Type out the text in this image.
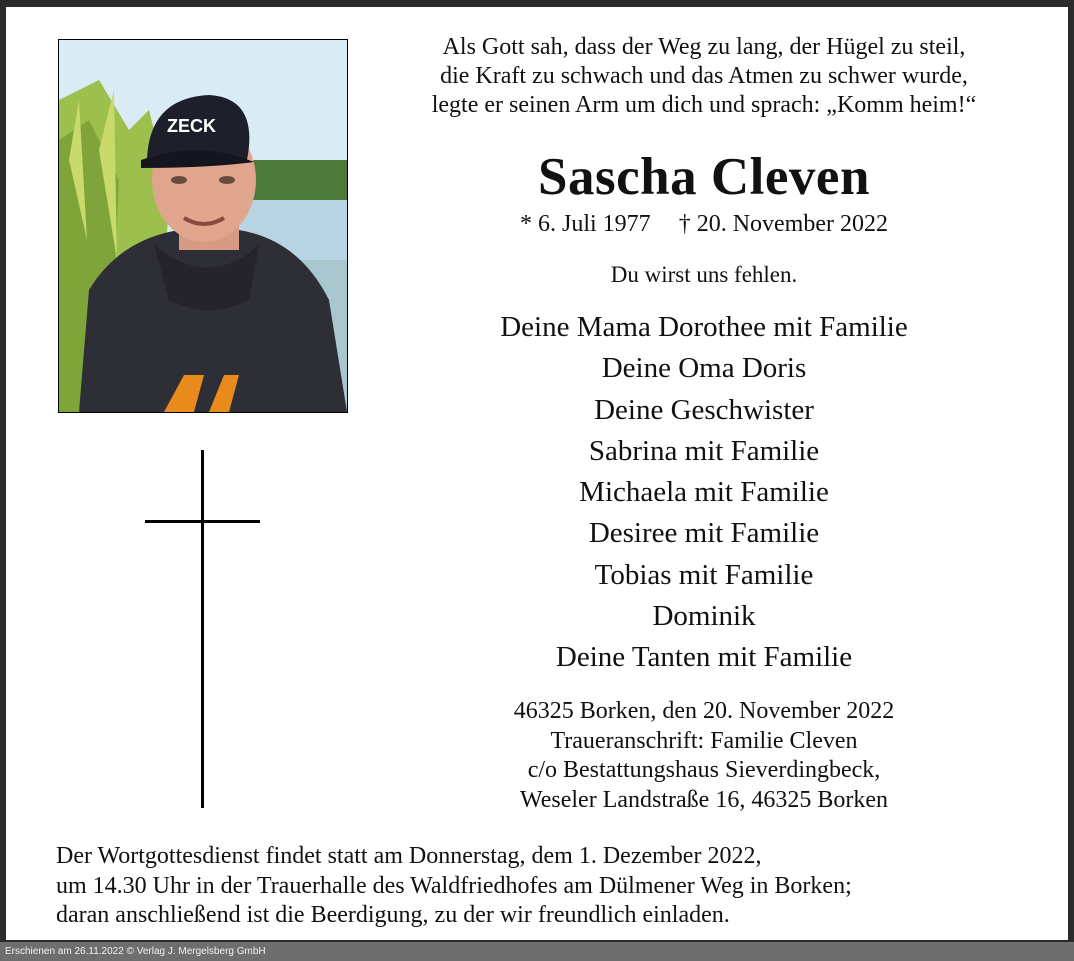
ZECK
Als Gott sah, dass der Weg zu lang, der Hügel zu steil,
die Kraft zu schwach und das Atmen zu schwer wurde,
legte er seinen Arm um dich und sprach: „Komm heim!“
Sascha Cleven
* 6. Juli 1977 † 20. November 2022
Du wirst uns fehlen.
Deine Mama Dorothee mit Familie
Deine Oma Doris
Deine Geschwister
Sabrina mit Familie
Michaela mit Familie
Desiree mit Familie
Tobias mit Familie
Dominik
Deine Tanten mit Familie
46325 Borken, den 20. November 2022
Traueranschrift: Familie Cleven
c/o Bestattungshaus Sieverdingbeck,
Weseler Landstraße 16, 46325 Borken
Der Wortgottesdienst findet statt am Donnerstag, dem 1. Dezember 2022,
um 14.30 Uhr in der Trauerhalle des Waldfriedhofes am Dülmener Weg in Borken;
daran anschließend ist die Beerdigung, zu der wir freundlich einladen.
Erschienen am 26.11.2022 © Verlag J. Mergelsberg GmbH
